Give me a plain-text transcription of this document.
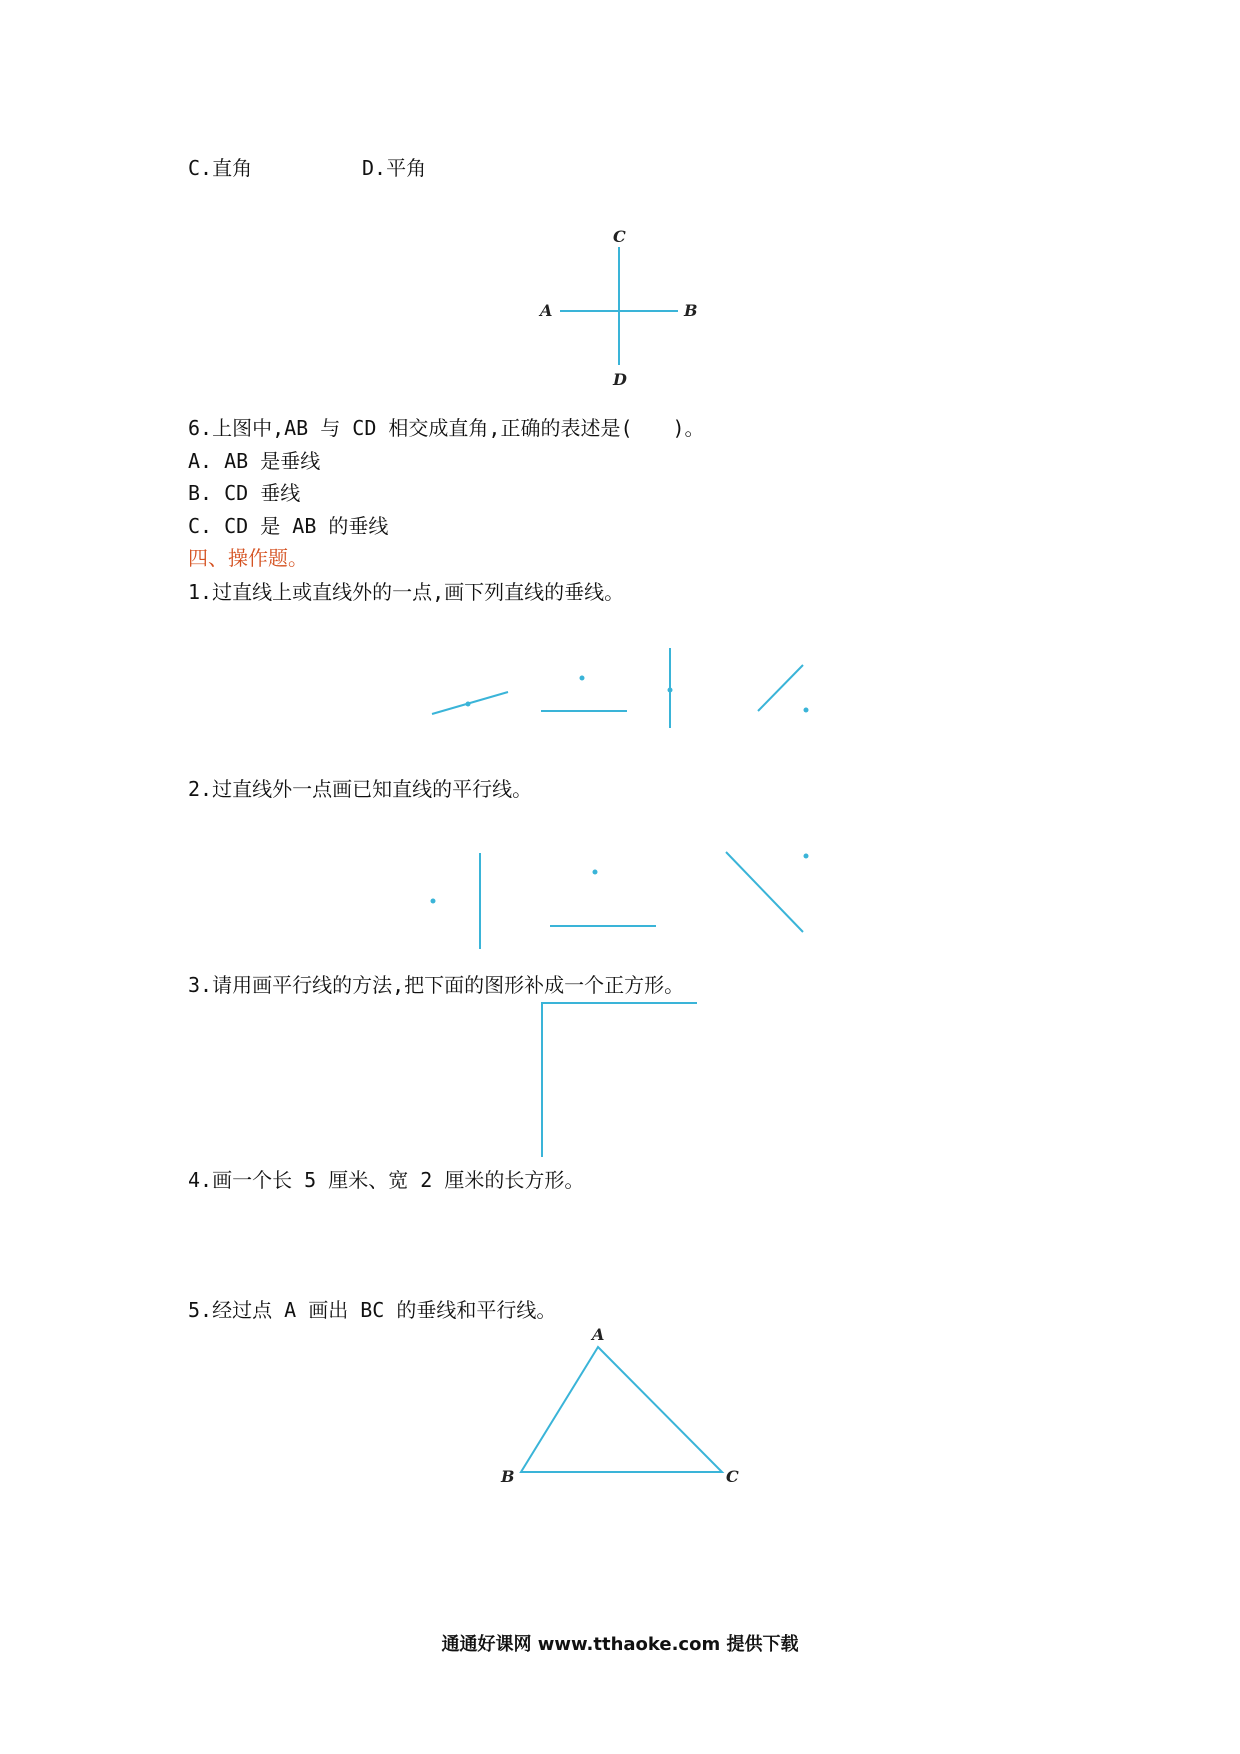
C.直角	D.平角
C
A	B
D
6.上图中,AB 与 CD 相交成直角,正确的表述是(　　)。
A. AB 是垂线
B. CD 垂线
C. CD 是 AB 的垂线
四、操作题。
1.过直线上或直线外的一点,画下列直线的垂线。
2.过直线外一点画已知直线的平行线。
3.请用画平行线的方法,把下面的图形补成一个正方形。
4.画一个长 5 厘米、宽 2 厘米的长方形。
5.经过点 A 画出 BC 的垂线和平行线。
A
B	C
通通好课网 www.tthaoke.com 提供下载
